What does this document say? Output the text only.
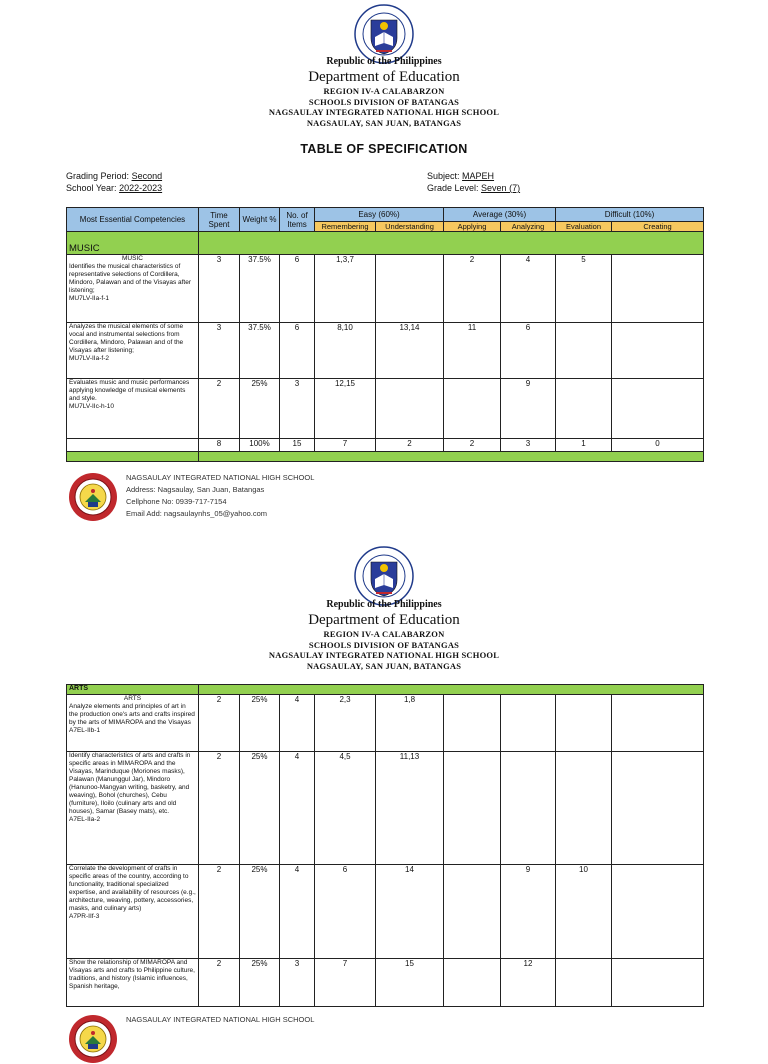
Republic of the Philippines
Department of Education
REGION IV-A CALABARZON
SCHOOLS DIVISION OF BATANGAS
NAGSAULAY INTEGRATED NATIONAL HIGH SCHOOL
NAGSAULAY, SAN JUAN, BATANGAS
TABLE OF SPECIFICATION
Grading Period: Second
School Year: 2022-2023
Subject: MAPEH
Grade Level: Seven (7)
Most Essential Competencies	Time Spent	Weight %	No. of Items	Easy (60%)		Average (30%)		Difficult (10%)	
				Remembering	Understanding	Applying	Analyzing	Evaluation	Creating
MUSIC									

MUSIC
Identifies the musical characteristics of representative selections of Cordillera, Mindoro, Palawan and of the Visayas after listening;
MU7LV-IIa-f-1	3	37.5%	6	1,3,7		2	4	5	
Analyzes the musical elements of some vocal and instrumental selections from Cordillera, Mindoro, Palawan and of the Visayas after listening;
MU7LV-IIa-f-2	3	37.5%	6	8,10	13,14	11	6		
Evaluates music and music performances applying knowledge of musical elements and style.
MU7LV-IIc-h-10	2	25%	3	12,15			9		
	8	100%	15	7	2	2	3	1	0

NAGSAULAY INTEGRATED NATIONAL HIGH SCHOOL
Address: Nagsaulay, San Juan, Batangas
Cellphone No: 0939-717-7154
Email Add: nagsaulaynhs_05@yahoo.com
Republic of the Philippines
Department of Education
REGION IV-A CALABARZON
SCHOOLS DIVISION OF BATANGAS
NAGSAULAY INTEGRATED NATIONAL HIGH SCHOOL
NAGSAULAY, SAN JUAN, BATANGAS
ARTS									

ARTS
Analyze elements and principles of art in the production one's arts and crafts inspired by the arts of MIMAROPA and the Visayas
A7EL-IIb-1	2	25%	4	2,3	1,8				
Identify characteristics of arts and crafts in specific areas in MIMAROPA and the Visayas, Marinduque (Moriones masks), Palawan (Manunggul Jar), Mindoro (Hanunoo-Mangyan writing, basketry, and weaving), Bohol (churches), Cebu (furniture), Iloilo (culinary arts and old houses), Samar (Basey mats), etc.
A7EL-IIa-2	2	25%	4	4,5	11,13				
Correlate the development of crafts in specific areas of the country, according to functionality, traditional specialized expertise, and availability of resources (e.g., architecture, weaving, pottery, accessories, masks, and culinary arts)
A7PR-IIf-3	2	25%	4	6	14		9	10	
Show the relationship of MIMAROPA and Visayas arts and crafts to Philippine culture, traditions, and history (Islamic influences, Spanish heritage,	2	25%	3	7	15		12		
NAGSAULAY INTEGRATED NATIONAL HIGH SCHOOL
